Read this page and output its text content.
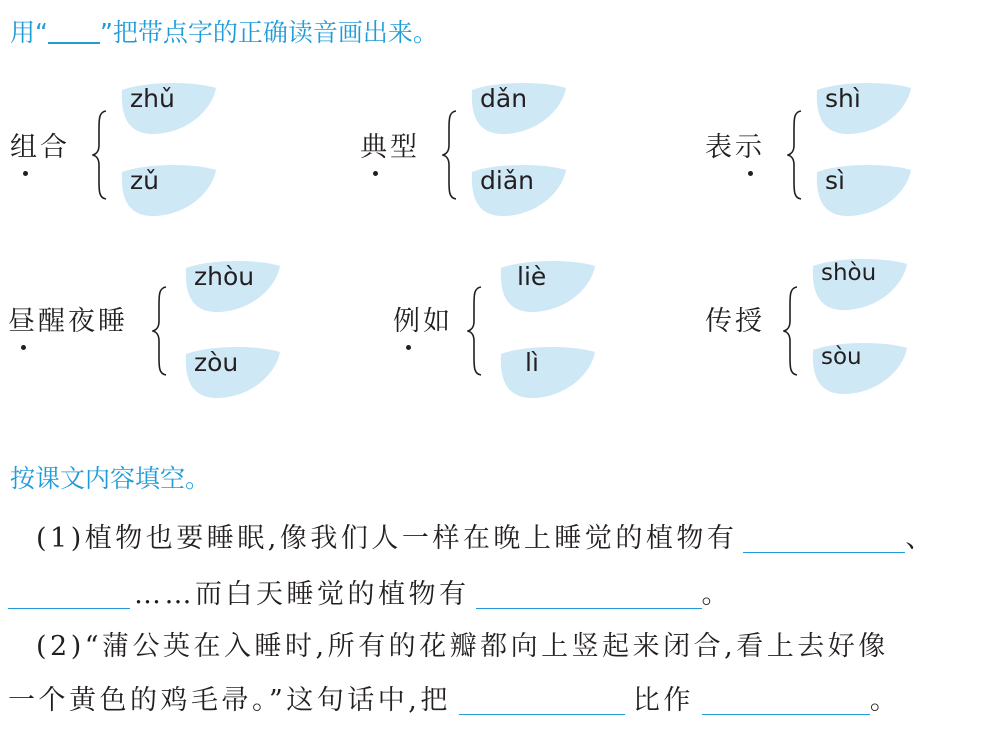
用“ ”把带点字的正确读音画出来。
组合
zhǔ
zǔ
典型
dǎn
diǎn
表示
shì
sì
昼醒夜睡
zhòu
zòu
例如
liè
lì
传授
shòu
sòu
按课文内容填空。

(1)植物也要睡眠,像我们人一样在晚上睡觉的植物有	、

……而白天睡觉的植物有	。

(2)“蒲公英在入睡时,所有的花瓣都向上竖起来闭合,看上去好像

一个黄色的鸡毛帚。”这句话中,把	比作	。
